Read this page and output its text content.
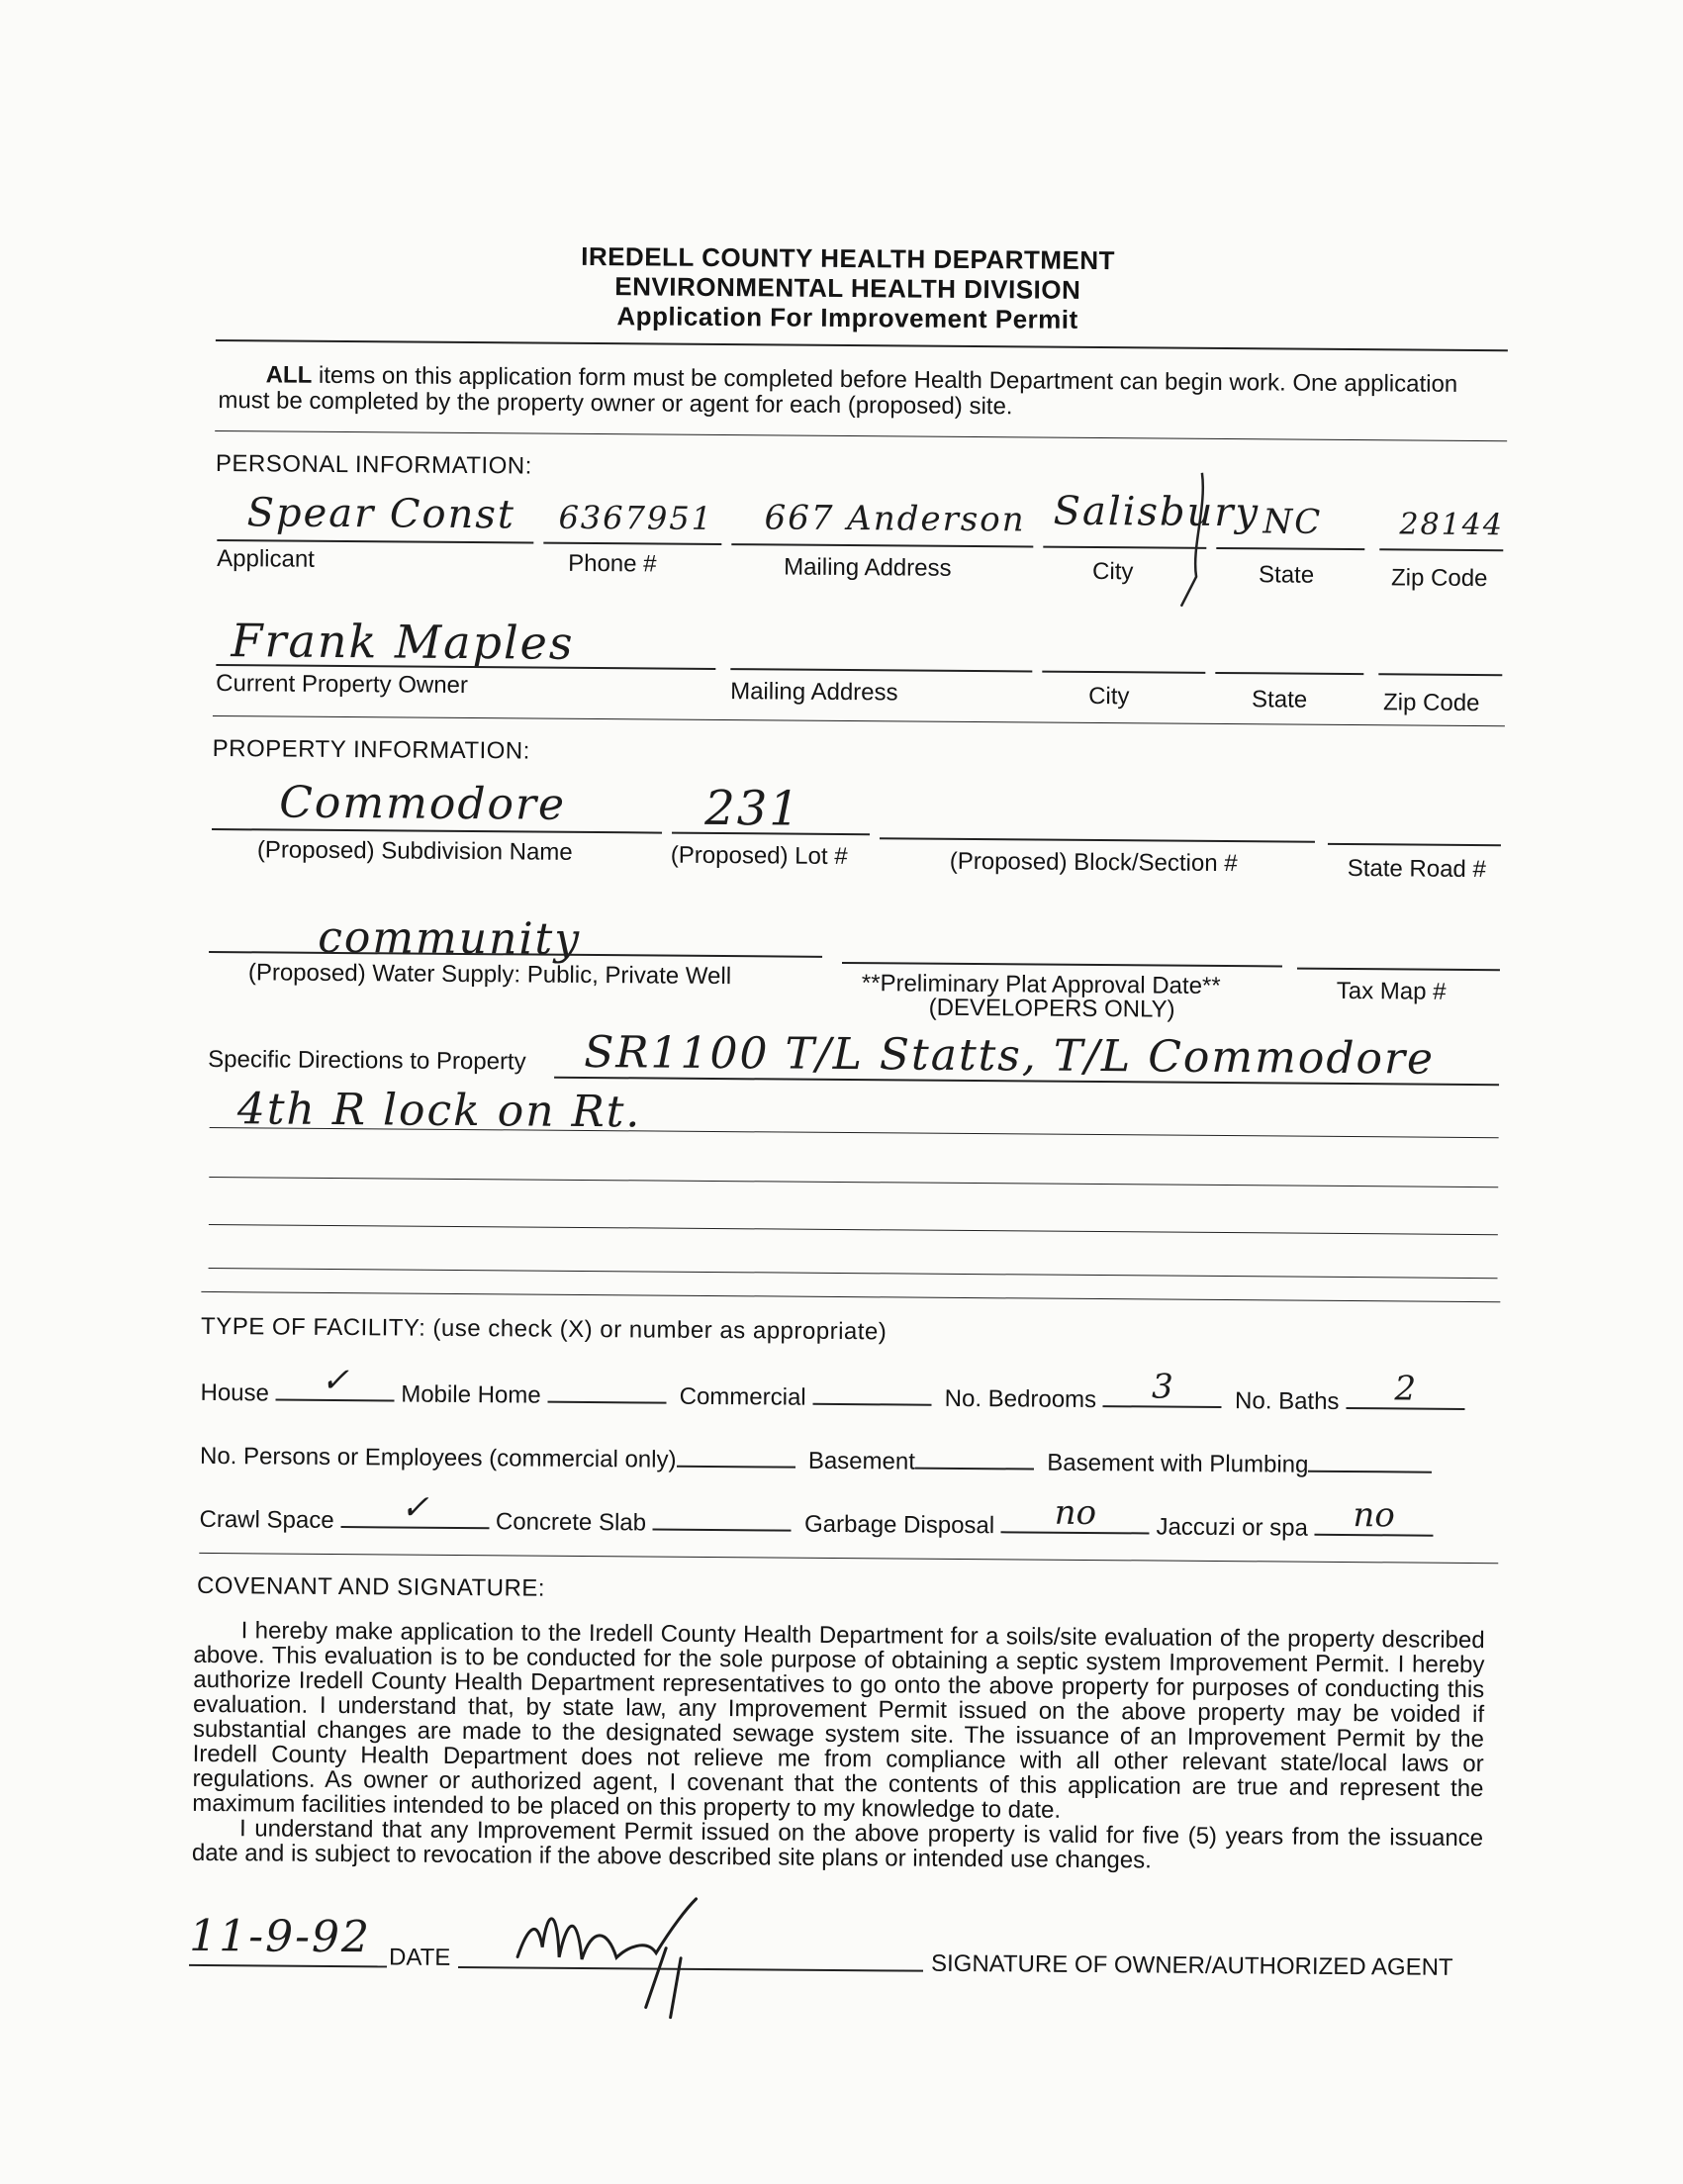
IREDELL COUNTY HEALTH DEPARTMENT
ENVIRONMENTAL HEALTH DIVISION
Application For Improvement Permit
ALL items on this application form must be completed before Health Department can begin work. One application
must be completed by the property owner or agent for each (proposed) site.
PERSONAL INFORMATION:
Spear Const 6367951 667 Anderson Salisbury NC	28144
Applicant	Phone #	Mailing Address	City	State	Zip Code
Frank Maples
Current Property Owner	Mailing Address	City	State	Zip Code
PROPERTY INFORMATION:
Commodore	231
(Proposed) Subdivision Name	(Proposed) Lot #	(Proposed) Block/Section #	State Road #
community
(Proposed) Water Supply: Public, Private Well	**Preliminary Plat Approval Date**
(DEVELOPERS ONLY)
Tax Map #
Specific Directions to Property SR1100 T/L Statts, T/L Commodore
4th R lock on Rt.
TYPE OF FACILITY: (use check (X) or number as appropriate)
House	✓	Mobile Home	Commercial	No. Bedrooms	3	No. Baths	2
No. Persons or Employees (commercial only)	Basement	Basement with Plumbing
Crawl Space	✓	Concrete Slab	Garbage Disposal	no	Jaccuzi or spa	no
COVENANT AND SIGNATURE:

I hereby make application to the Iredell County Health Department for a soils/site evaluation of the property described above. This evaluation is to be conducted for the sole purpose of obtaining a septic system Improvement Permit. I hereby authorize Iredell County Health Department representatives to go onto the above property for purposes of conducting this evaluation. I understand that, by state law, any Improvement Permit issued on the above property may be voided if substantial changes are made to the designated sewage system site. The issuance of an Improvement Permit by the Iredell County Health Department does not relieve me from compliance with all other relevant state/local laws or regulations. As owner or authorized agent, I covenant that the contents of this application are true and represent the maximum facilities intended to be placed on this property to my knowledge to date.

I understand that any Improvement Permit issued on the above property is valid for five (5) years from the issuance date and is subject to revocation if the above described site plans or intended use changes.

11-9-92 DATE	SIGNATURE OF OWNER/AUTHORIZED AGENT
